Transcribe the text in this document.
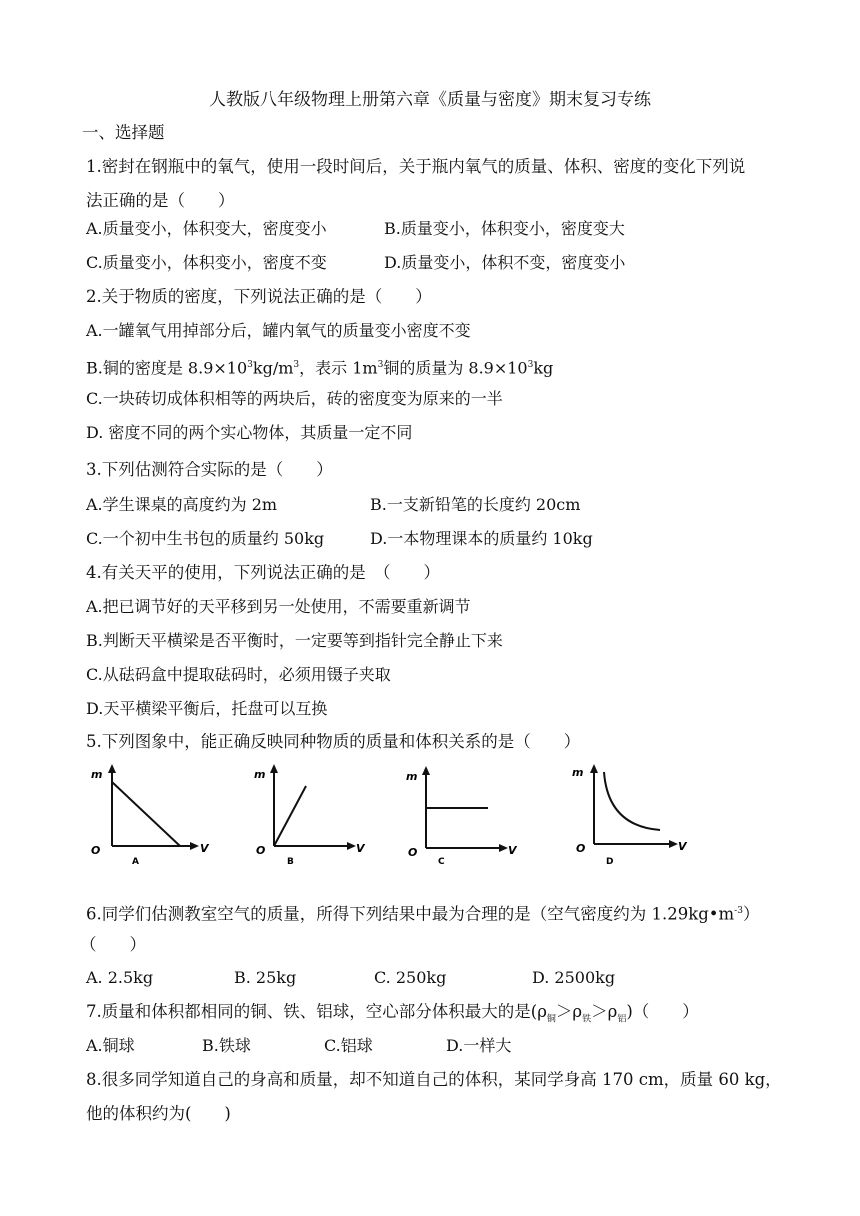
人教版八年级物理上册第六章《质量与密度》期末复习专练
一、选择题
1.密封在钢瓶中的氧气，使用一段时间后，关于瓶内氧气的质量、体积、密度的变化下列说
法正确的是（　　）
A.质量变小，体积变大，密度变小	B.质量变小，体积变小，密度变大
C.质量变小，体积变小，密度不变	D.质量变小，体积不变，密度变小
2.关于物质的密度，下列说法正确的是（　　）
A.一罐氧气用掉部分后，罐内氧气的质量变小密度不变
B.铜的密度是 $8.9\times 10^3kg/m^3$，表示 $1m^3$铜的质量为 $8.9\times 10^3kg$
C.一块砖切成体积相等的两块后，砖的密度变为原来的一半
D. 密度不同的两个实心物体，其质量一定不同
3.下列估测符合实际的是（　　）
A.学生课桌的高度约为 2m	B.一支新铅笔的长度约 20cm
C.一个初中生书包的质量约 50kg	D.一本物理课本的质量约 10kg
4.有关天平的使用，下列说法正确的是　（　　）
A.把已调节好的天平移到另一处使用，不需要重新调节
B.判断天平横梁是否平衡时，一定要等到指针完全静止下来
C.从砝码盒中提取砝码时，必须用镊子夹取
D.天平横梁平衡后，托盘可以互换
5.下列图象中，能正确反映同种物质的质量和体积关系的是（　　）
m
O	V
A
m
O	V
B
m
O	V
C
m
O	V
D
6.同学们估测教室空气的质量，所得下列结果中最为合理的是（空气密度约为 $1.29kg•m^{-3}$）
（　　）
A. 2.5kg	B. 25kg	C. 250kg	D. 2500kg
7.质量和体积都相同的铜、铁、铝球，空心部分体积最大的是$(\rho_铜>\rho_铁>\rho_铝)$（　　）
A.铜球	B.铁球	C.铝球	D.一样大
8.很多同学知道自己的身高和质量，却不知道自己的体积，某同学身高 170 cm，质量 60 kg，
他的体积约为(　　)
